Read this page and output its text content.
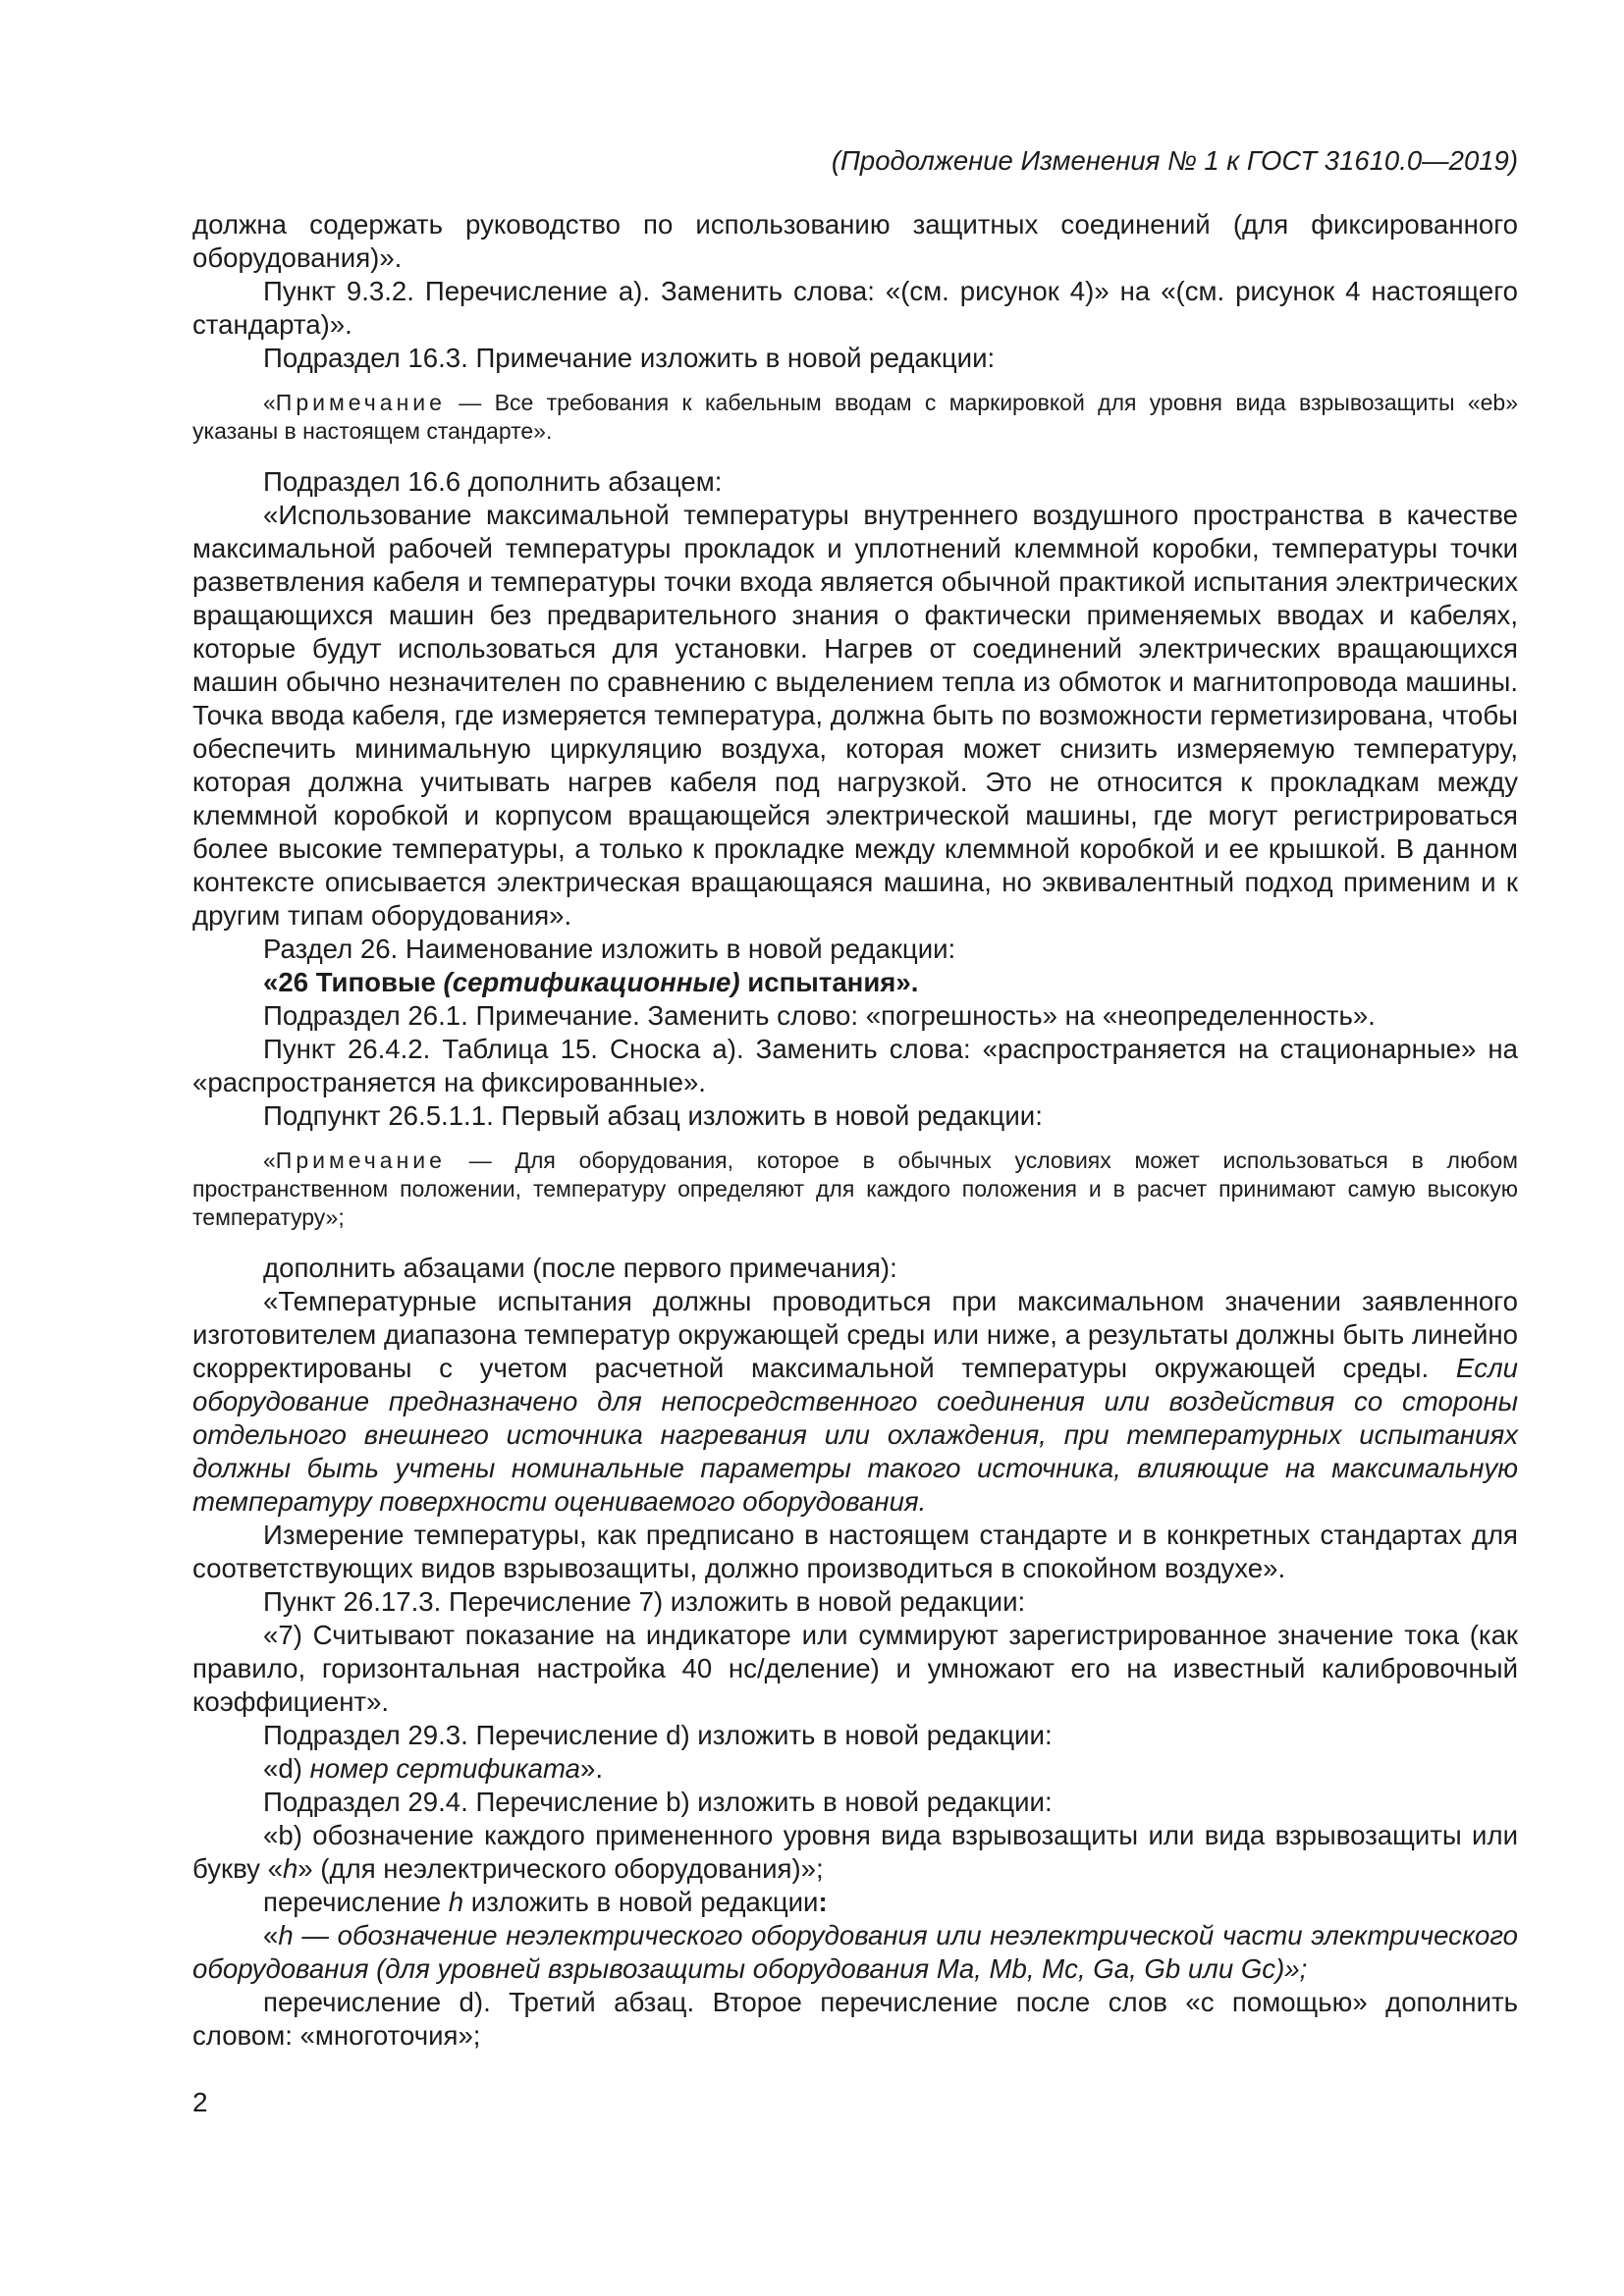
(Продолжение Изменения № 1 к ГОСТ 31610.0—2019)

должна содержать руководство по использованию защитных соединений (для фиксированного оборудования)».

Пункт 9.3.2. Перечисление а). Заменить слова: «(см. рисунок 4)» на «(см. рисунок 4 настоящего стандарта)».

Подраздел 16.3. Примечание изложить в новой редакции:

«Примечание — Все требования к кабельным вводам с маркировкой для уровня вида взрывозащиты «eb» указаны в настоящем стандарте».

Подраздел 16.6 дополнить абзацем:

«Использование максимальной температуры внутреннего воздушного пространства в качестве максимальной рабочей температуры прокладок и уплотнений клеммной коробки, температуры точки разветвления кабеля и температуры точки входа является обычной практикой испытания электрических вращающихся машин без предварительного знания о фактически применяемых вводах и кабелях, которые будут использоваться для установки. Нагрев от соединений электрических вращающихся машин обычно незначителен по сравнению с выделением тепла из обмоток и магнитопровода машины. Точка ввода кабеля, где измеряется температура, должна быть по возможности герметизирована, чтобы обеспечить минимальную циркуляцию воздуха, которая может снизить измеряемую температуру, которая должна учитывать нагрев кабеля под нагрузкой. Это не относится к прокладкам между клеммной коробкой и корпусом вращающейся электрической машины, где могут регистрироваться более высокие температуры, а только к прокладке между клеммной коробкой и ее крышкой. В данном контексте описывается электрическая вращающаяся машина, но эквивалентный подход применим и к другим типам оборудования».

Раздел 26. Наименование изложить в новой редакции:

«26 Типовые (сертификационные) испытания».

Подраздел 26.1. Примечание. Заменить слово: «погрешность» на «неопределенность».

Пункт 26.4.2. Таблица 15. Сноска а). Заменить слова: «распространяется на стационарные» на «распространяется на фиксированные».

Подпункт 26.5.1.1. Первый абзац изложить в новой редакции:

«Примечание — Для оборудования, которое в обычных условиях может использоваться в любом пространственном положении, температуру определяют для каждого положения и в расчет принимают самую высокую температуру»;

дополнить абзацами (после первого примечания):

«Температурные испытания должны проводиться при максимальном значении заявленного изготовителем диапазона температур окружающей среды или ниже, а результаты должны быть линейно скорректированы с учетом расчетной максимальной температуры окружающей среды. Если оборудование предназначено для непосредственного соединения или воздействия со стороны отдельного внешнего источника нагревания или охлаждения, при температурных испытаниях должны быть учтены номинальные параметры такого источника, влияющие на максимальную температуру поверхности оцениваемого оборудования.

Измерение температуры, как предписано в настоящем стандарте и в конкретных стандартах для соответствующих видов взрывозащиты, должно производиться в спокойном воздухе».

Пункт 26.17.3. Перечисление 7) изложить в новой редакции:

«7) Считывают показание на индикаторе или суммируют зарегистрированное значение тока (как правило, горизонтальная настройка 40 нс/деление) и умножают его на известный калибровочный коэффициент».

Подраздел 29.3. Перечисление d) изложить в новой редакции:

«d) номер сертификата».

Подраздел 29.4. Перечисление b) изложить в новой редакции:

«b) обозначение каждого примененного уровня вида взрывозащиты или вида взрывозащиты или букву «h» (для неэлектрического оборудования)»;

перечисление h изложить в новой редакции:

«h — обозначение неэлектрического оборудования или неэлектрической части электрического оборудования (для уровней взрывозащиты оборудования Ma, Mb, Mc, Ga, Gb или Gc)»;

перечисление d). Третий абзац. Второе перечисление после слов «с помощью» дополнить словом: «многоточия»;

2
